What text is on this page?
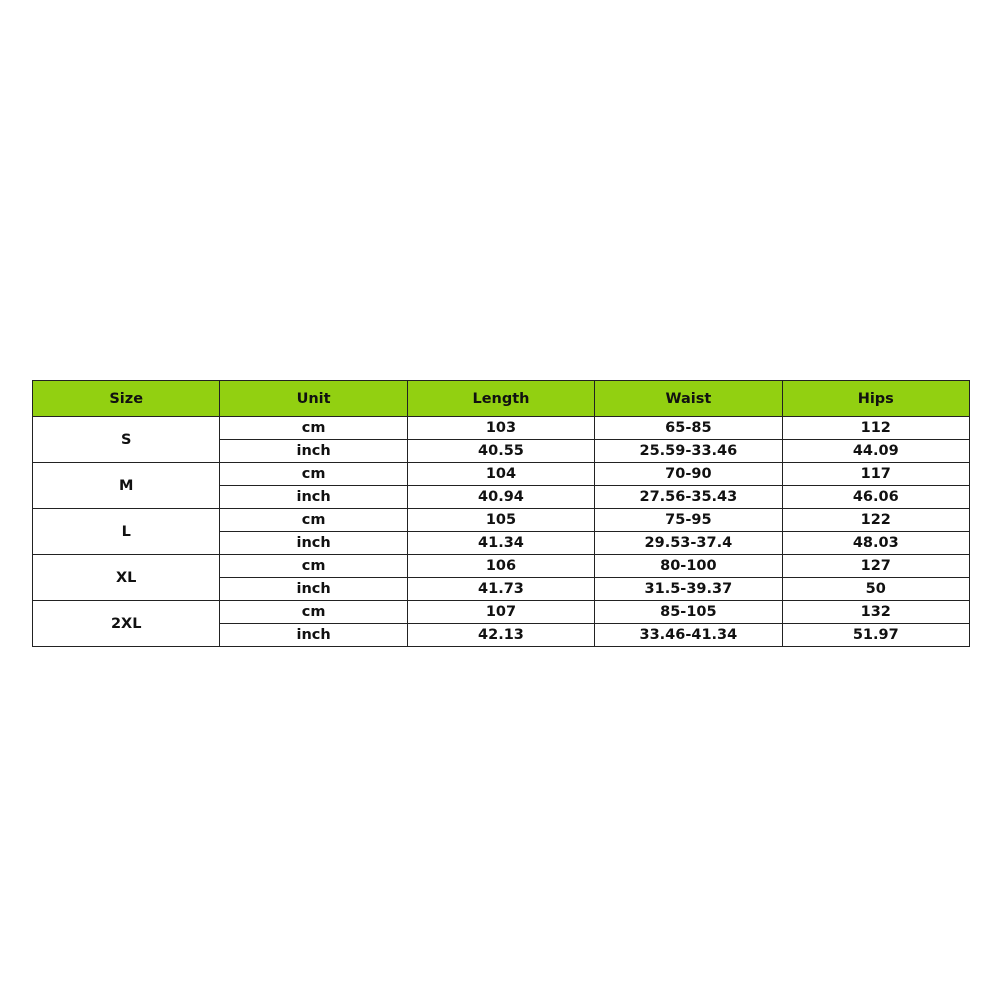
Size	Unit	Length	Waist	Hips
S	cm	103	65-85	112
	inch	40.55	25.59-33.46	44.09
M	cm	104	70-90	117
	inch	40.94	27.56-35.43	46.06
L	cm	105	75-95	122
	inch	41.34	29.53-37.4	48.03
XL	cm	106	80-100	127
	inch	41.73	31.5-39.37	50
2XL	cm	107	85-105	132
	inch	42.13	33.46-41.34	51.97
